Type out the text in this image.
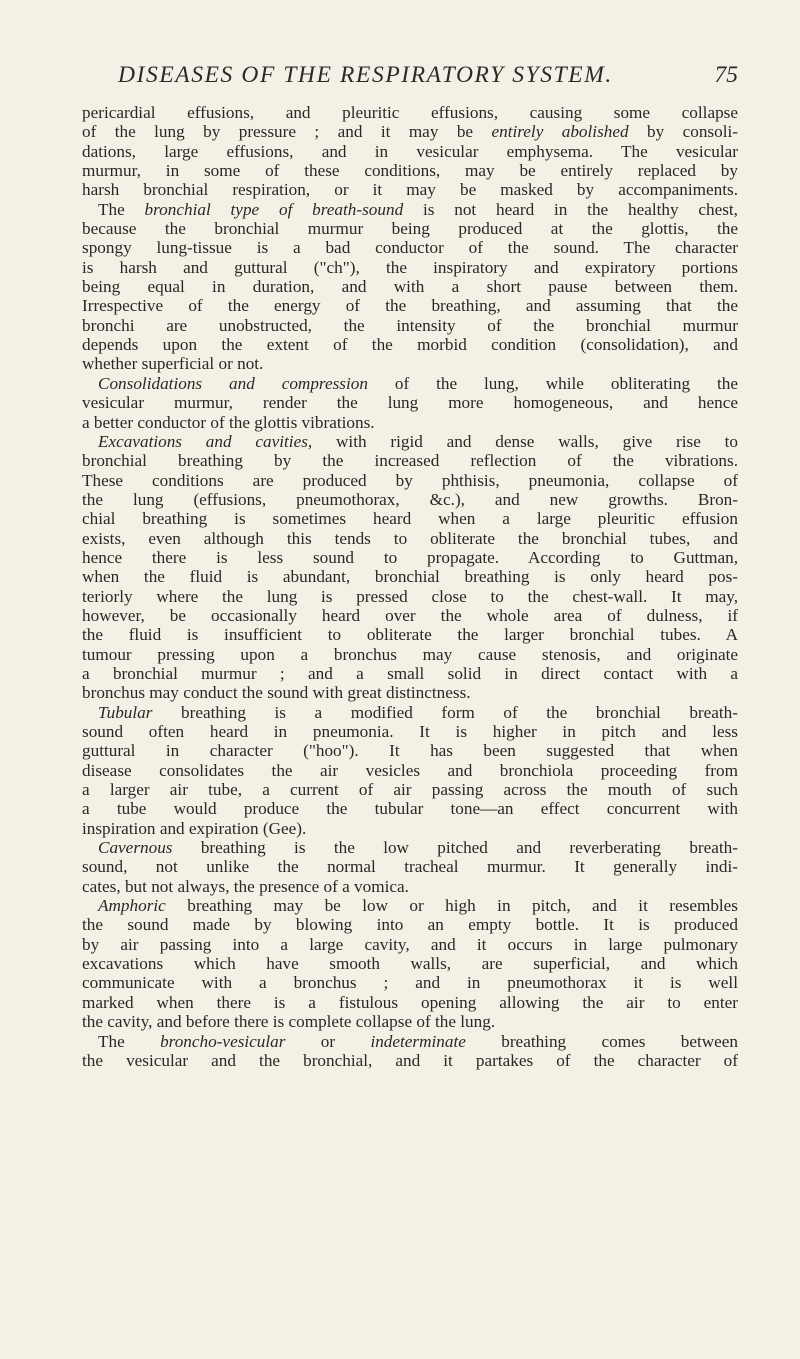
DISEASES OF THE RESPIRATORY SYSTEM.	75
pericardial effusions, and pleuritic effusions, causing some collapse
of the lung by pressure ; and it may be entirely abolished by consoli-
dations, large effusions, and in vesicular emphysema. The vesicular
murmur, in some of these conditions, may be entirely replaced by
harsh bronchial respiration, or it may be masked by accompaniments.
The bronchial type of breath-sound is not heard in the healthy chest,
because the bronchial murmur being produced at the glottis, the
spongy lung-tissue is a bad conductor of the sound. The character
is harsh and guttural ("ch"), the inspiratory and expiratory portions
being equal in duration, and with a short pause between them.
Irrespective of the energy of the breathing, and assuming that the
bronchi are unobstructed, the intensity of the bronchial murmur
depends upon the extent of the morbid condition (consolidation), and
whether superficial or not.
Consolidations and compression of the lung, while obliterating the
vesicular murmur, render the lung more homogeneous, and hence
a better conductor of the glottis vibrations.
Excavations and cavities, with rigid and dense walls, give rise to
bronchial breathing by the increased reflection of the vibrations.
These conditions are produced by phthisis, pneumonia, collapse of
the lung (effusions, pneumothorax, &c.), and new growths. Bron-
chial breathing is sometimes heard when a large pleuritic effusion
exists, even although this tends to obliterate the bronchial tubes, and
hence there is less sound to propagate. According to Guttman,
when the fluid is abundant, bronchial breathing is only heard pos-
teriorly where the lung is pressed close to the chest-wall. It may,
however, be occasionally heard over the whole area of dulness, if
the fluid is insufficient to obliterate the larger bronchial tubes. A
tumour pressing upon a bronchus may cause stenosis, and originate
a bronchial murmur ; and a small solid in direct contact with a
bronchus may conduct the sound with great distinctness.
Tubular breathing is a modified form of the bronchial breath-
sound often heard in pneumonia. It is higher in pitch and less
guttural in character ("hoo"). It has been suggested that when
disease consolidates the air vesicles and bronchiola proceeding from
a larger air tube, a current of air passing across the mouth of such
a tube would produce the tubular tone—an effect concurrent with
inspiration and expiration (Gee).
Cavernous breathing is the low pitched and reverberating breath-
sound, not unlike the normal tracheal murmur. It generally indi-
cates, but not always, the presence of a vomica.
Amphoric breathing may be low or high in pitch, and it resembles
the sound made by blowing into an empty bottle. It is produced
by air passing into a large cavity, and it occurs in large pulmonary
excavations which have smooth walls, are superficial, and which
communicate with a bronchus ; and in pneumothorax it is well
marked when there is a fistulous opening allowing the air to enter
the cavity, and before there is complete collapse of the lung.
The broncho-vesicular or indeterminate breathing comes between
the vesicular and the bronchial, and it partakes of the character of
